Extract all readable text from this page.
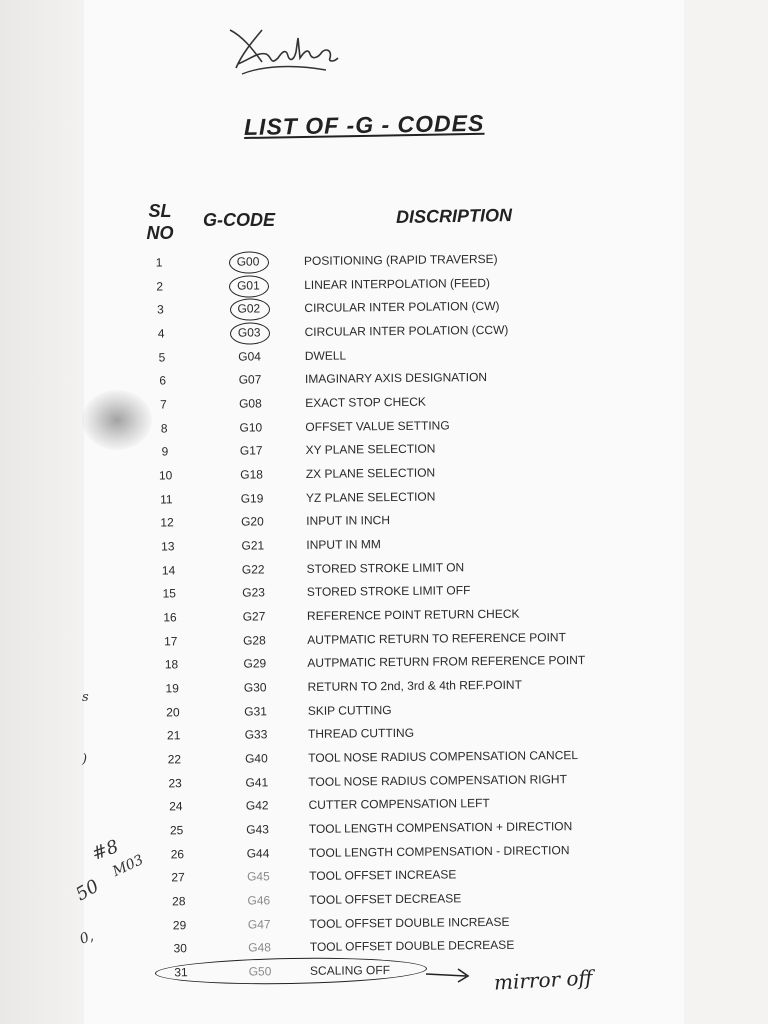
LIST OF -G - CODES
SL
NO
G-CODE	DISCRIPTION
1	G00	POSITIONING (RAPID TRAVERSE)
2	G01	LINEAR INTERPOLATION (FEED)
3	G02	CIRCULAR INTER POLATION (CW)
4	G03	CIRCULAR INTER POLATION (CCW)
5	G04	DWELL
6	G07	IMAGINARY AXIS DESIGNATION
7	G08	EXACT STOP CHECK
8	G10	OFFSET VALUE SETTING
9	G17	XY PLANE SELECTION
10	G18	ZX PLANE SELECTION
11	G19	YZ PLANE SELECTION
12	G20	INPUT IN INCH
13	G21	INPUT IN MM
14	G22	STORED STROKE LIMIT ON
15	G23	STORED STROKE LIMIT OFF
16	G27	REFERENCE POINT RETURN CHECK
17	G28	AUTPMATIC RETURN TO REFERENCE POINT
18	G29	AUTPMATIC RETURN FROM REFERENCE POINT
19	G30	RETURN TO 2nd, 3rd & 4th REF.POINT
20	G31	SKIP CUTTING
21	G33	THREAD CUTTING
22	G40	TOOL NOSE RADIUS COMPENSATION CANCEL
23	G41	TOOL NOSE RADIUS COMPENSATION RIGHT
24	G42	CUTTER COMPENSATION LEFT
25	G43	TOOL LENGTH COMPENSATION + DIRECTION
26	G44	TOOL LENGTH COMPENSATION - DIRECTION
27	G45	TOOL OFFSET INCREASE
28	G46	TOOL OFFSET DECREASE
29	G47	TOOL OFFSET DOUBLE INCREASE
30	G48	TOOL OFFSET DOUBLE DECREASE
31	G50	SCALING OFF
#8
M03
50
0,
s
)
mirror off
